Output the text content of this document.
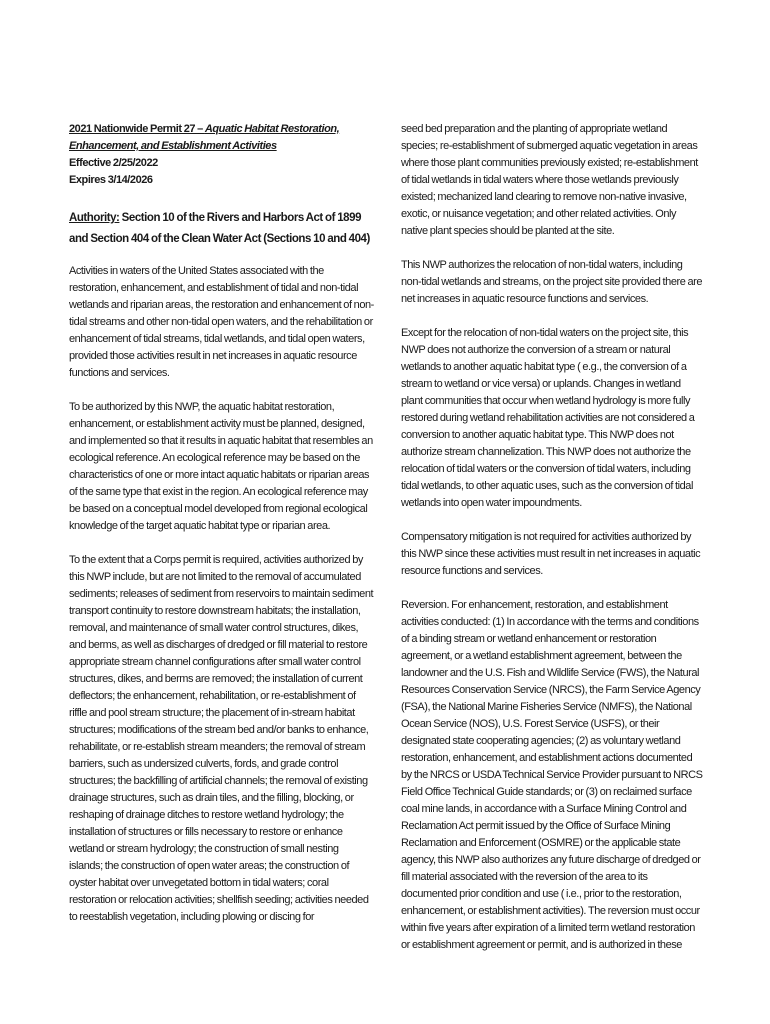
2021 Nationwide Permit 27 – Aquatic Habitat Restoration, Enhancement, and Establishment Activities
Effective 2/25/2022
Expires 3/14/2026
Authority: Section 10 of the Rivers and Harbors Act of 1899 and Section 404 of the Clean Water Act (Sections 10 and 404)

Activities in waters of the United States associated with the restoration, enhancement, and establishment of tidal and non-tidal wetlands and riparian areas, the restoration and enhancement of non-tidal streams and other non-tidal open waters, and the rehabilitation or enhancement of tidal streams, tidal wetlands, and tidal open waters, provided those activities result in net increases in aquatic resource functions and services.

To be authorized by this NWP, the aquatic habitat restoration, enhancement, or establishment activity must be planned, designed, and implemented so that it results in aquatic habitat that resembles an ecological reference. An ecological reference may be based on the characteristics of one or more intact aquatic habitats or riparian areas of the same type that exist in the region. An ecological reference may be based on a conceptual model developed from regional ecological knowledge of the target aquatic habitat type or riparian area.

To the extent that a Corps permit is required, activities authorized by this NWP include, but are not limited to the removal of accumulated sediments; releases of sediment from reservoirs to maintain sediment transport continuity to restore downstream habitats; the installation, removal, and maintenance of small water control structures, dikes, and berms, as well as discharges of dredged or fill material to restore appropriate stream channel configurations after small water control structures, dikes, and berms are removed; the installation of current deflectors; the enhancement, rehabilitation, or re-establishment of riffle and pool stream structure; the placement of in-stream habitat structures; modifications of the stream bed and/or banks to enhance, rehabilitate, or re-establish stream meanders; the removal of stream barriers, such as undersized culverts, fords, and grade control structures; the backfilling of artificial channels; the removal of existing drainage structures, such as drain tiles, and the filling, blocking, or reshaping of drainage ditches to restore wetland hydrology; the installation of structures or fills necessary to restore or enhance wetland or stream hydrology; the construction of small nesting islands; the construction of open water areas; the construction of oyster habitat over unvegetated bottom in tidal waters; coral restoration or relocation activities; shellfish seeding; activities needed to reestablish vegetation, including plowing or discing for

seed bed preparation and the planting of appropriate wetland species; re-establishment of submerged aquatic vegetation in areas where those plant communities previously existed; re-establishment of tidal wetlands in tidal waters where those wetlands previously existed; mechanized land clearing to remove non-native invasive, exotic, or nuisance vegetation; and other related activities. Only native plant species should be planted at the site.

This NWP authorizes the relocation of non-tidal waters, including non-tidal wetlands and streams, on the project site provided there are net increases in aquatic resource functions and services.

Except for the relocation of non-tidal waters on the project site, this NWP does not authorize the conversion of a stream or natural wetlands to another aquatic habitat type ( e.g., the conversion of a stream to wetland or vice versa) or uplands. Changes in wetland plant communities that occur when wetland hydrology is more fully restored during wetland rehabilitation activities are not considered a conversion to another aquatic habitat type. This NWP does not authorize stream channelization. This NWP does not authorize the relocation of tidal waters or the conversion of tidal waters, including tidal wetlands, to other aquatic uses, such as the conversion of tidal wetlands into open water impoundments.

Compensatory mitigation is not required for activities authorized by this NWP since these activities must result in net increases in aquatic resource functions and services.

Reversion. For enhancement, restoration, and establishment activities conducted: (1) In accordance with the terms and conditions of a binding stream or wetland enhancement or restoration agreement, or a wetland establishment agreement, between the landowner and the U.S. Fish and Wildlife Service (FWS), the Natural Resources Conservation Service (NRCS), the Farm Service Agency (FSA), the National Marine Fisheries Service (NMFS), the National Ocean Service (NOS), U.S. Forest Service (USFS), or their designated state cooperating agencies; (2) as voluntary wetland restoration, enhancement, and establishment actions documented by the NRCS or USDA Technical Service Provider pursuant to NRCS Field Office Technical Guide standards; or (3) on reclaimed surface coal mine lands, in accordance with a Surface Mining Control and Reclamation Act permit issued by the Office of Surface Mining Reclamation and Enforcement (OSMRE) or the applicable state agency, this NWP also authorizes any future discharge of dredged or fill material associated with the reversion of the area to its documented prior condition and use ( i.e., prior to the restoration, enhancement, or establishment activities). The reversion must occur within five years after expiration of a limited term wetland restoration or establishment agreement or permit, and is authorized in these
